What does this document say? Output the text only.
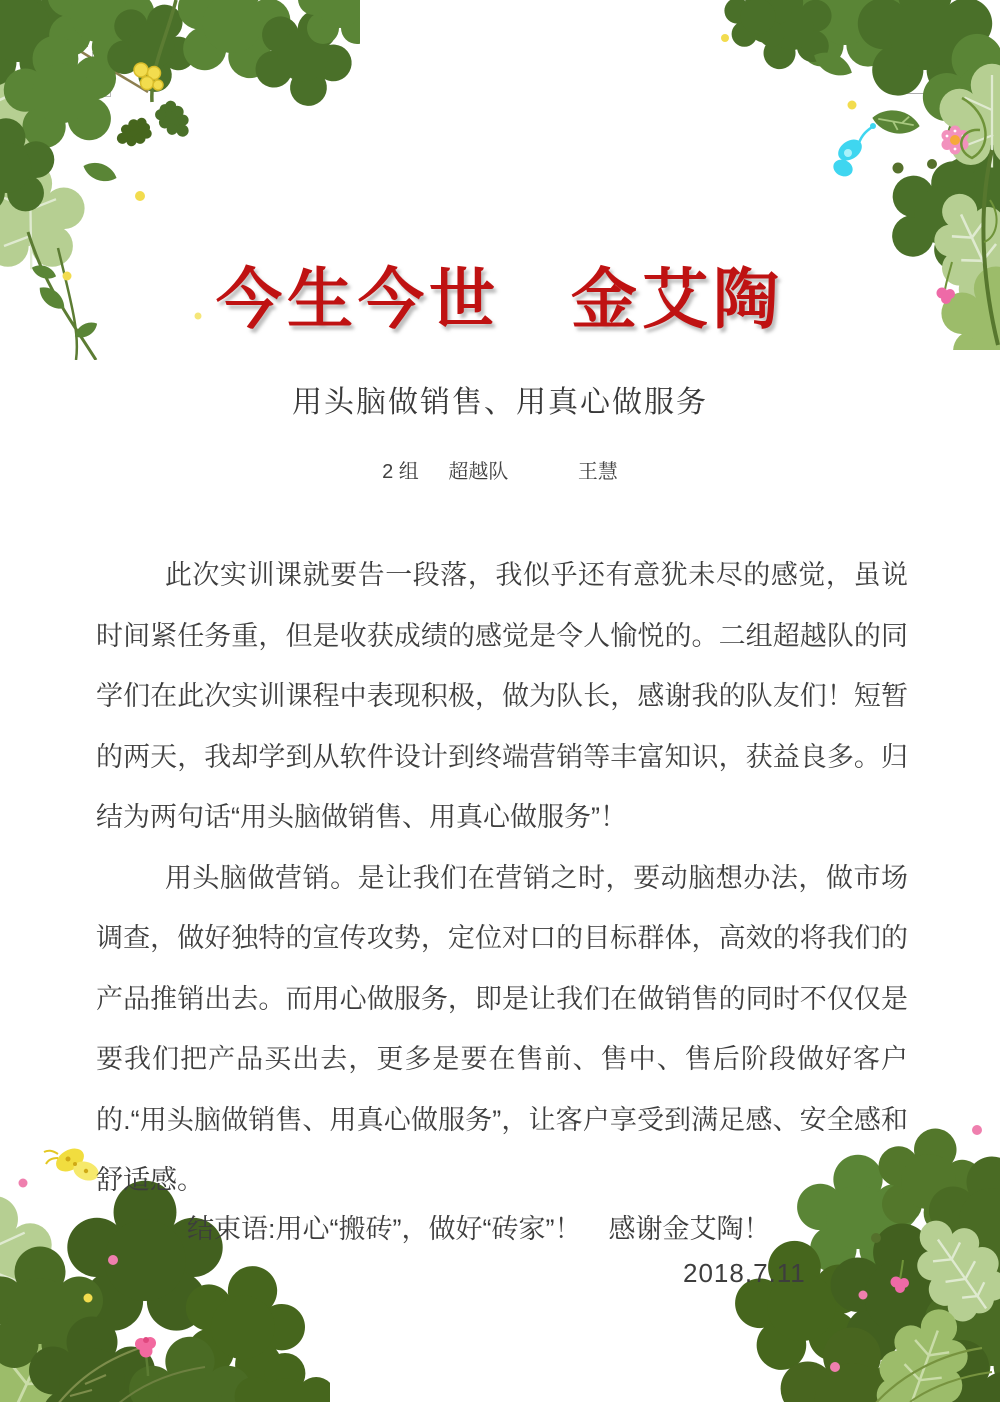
今生今世　金艾陶
用头脑做销售、用真心做服务
2 组 超越队	王慧

此次实训课就要告一段落，我似乎还有意犹未尽的感觉，虽说时间紧任务重，但是收获成绩的感觉是令人愉悦的。二组超越队的同学们在此次实训课程中表现积极，做为队长，感谢我的队友们！短暂的两天，我却学到从软件设计到终端营销等丰富知识，获益良多。归结为两句话“用头脑做销售、用真心做服务”！

用头脑做营销。是让我们在营销之时，要动脑想办法，做市场调查，做好独特的宣传攻势，定位对口的目标群体，高效的将我们的产品推销出去。而用心做服务，即是让我们在做销售的同时不仅仅是要我们把产品买出去，更多是要在售前、售中、售后阶段做好客户的.“用头脑做销售、用真心做服务”，让客户享受到满足感、安全感和舒适感。

结束语:用心“搬砖”，做好“砖家”！　感谢金艾陶！
2018.7.11
